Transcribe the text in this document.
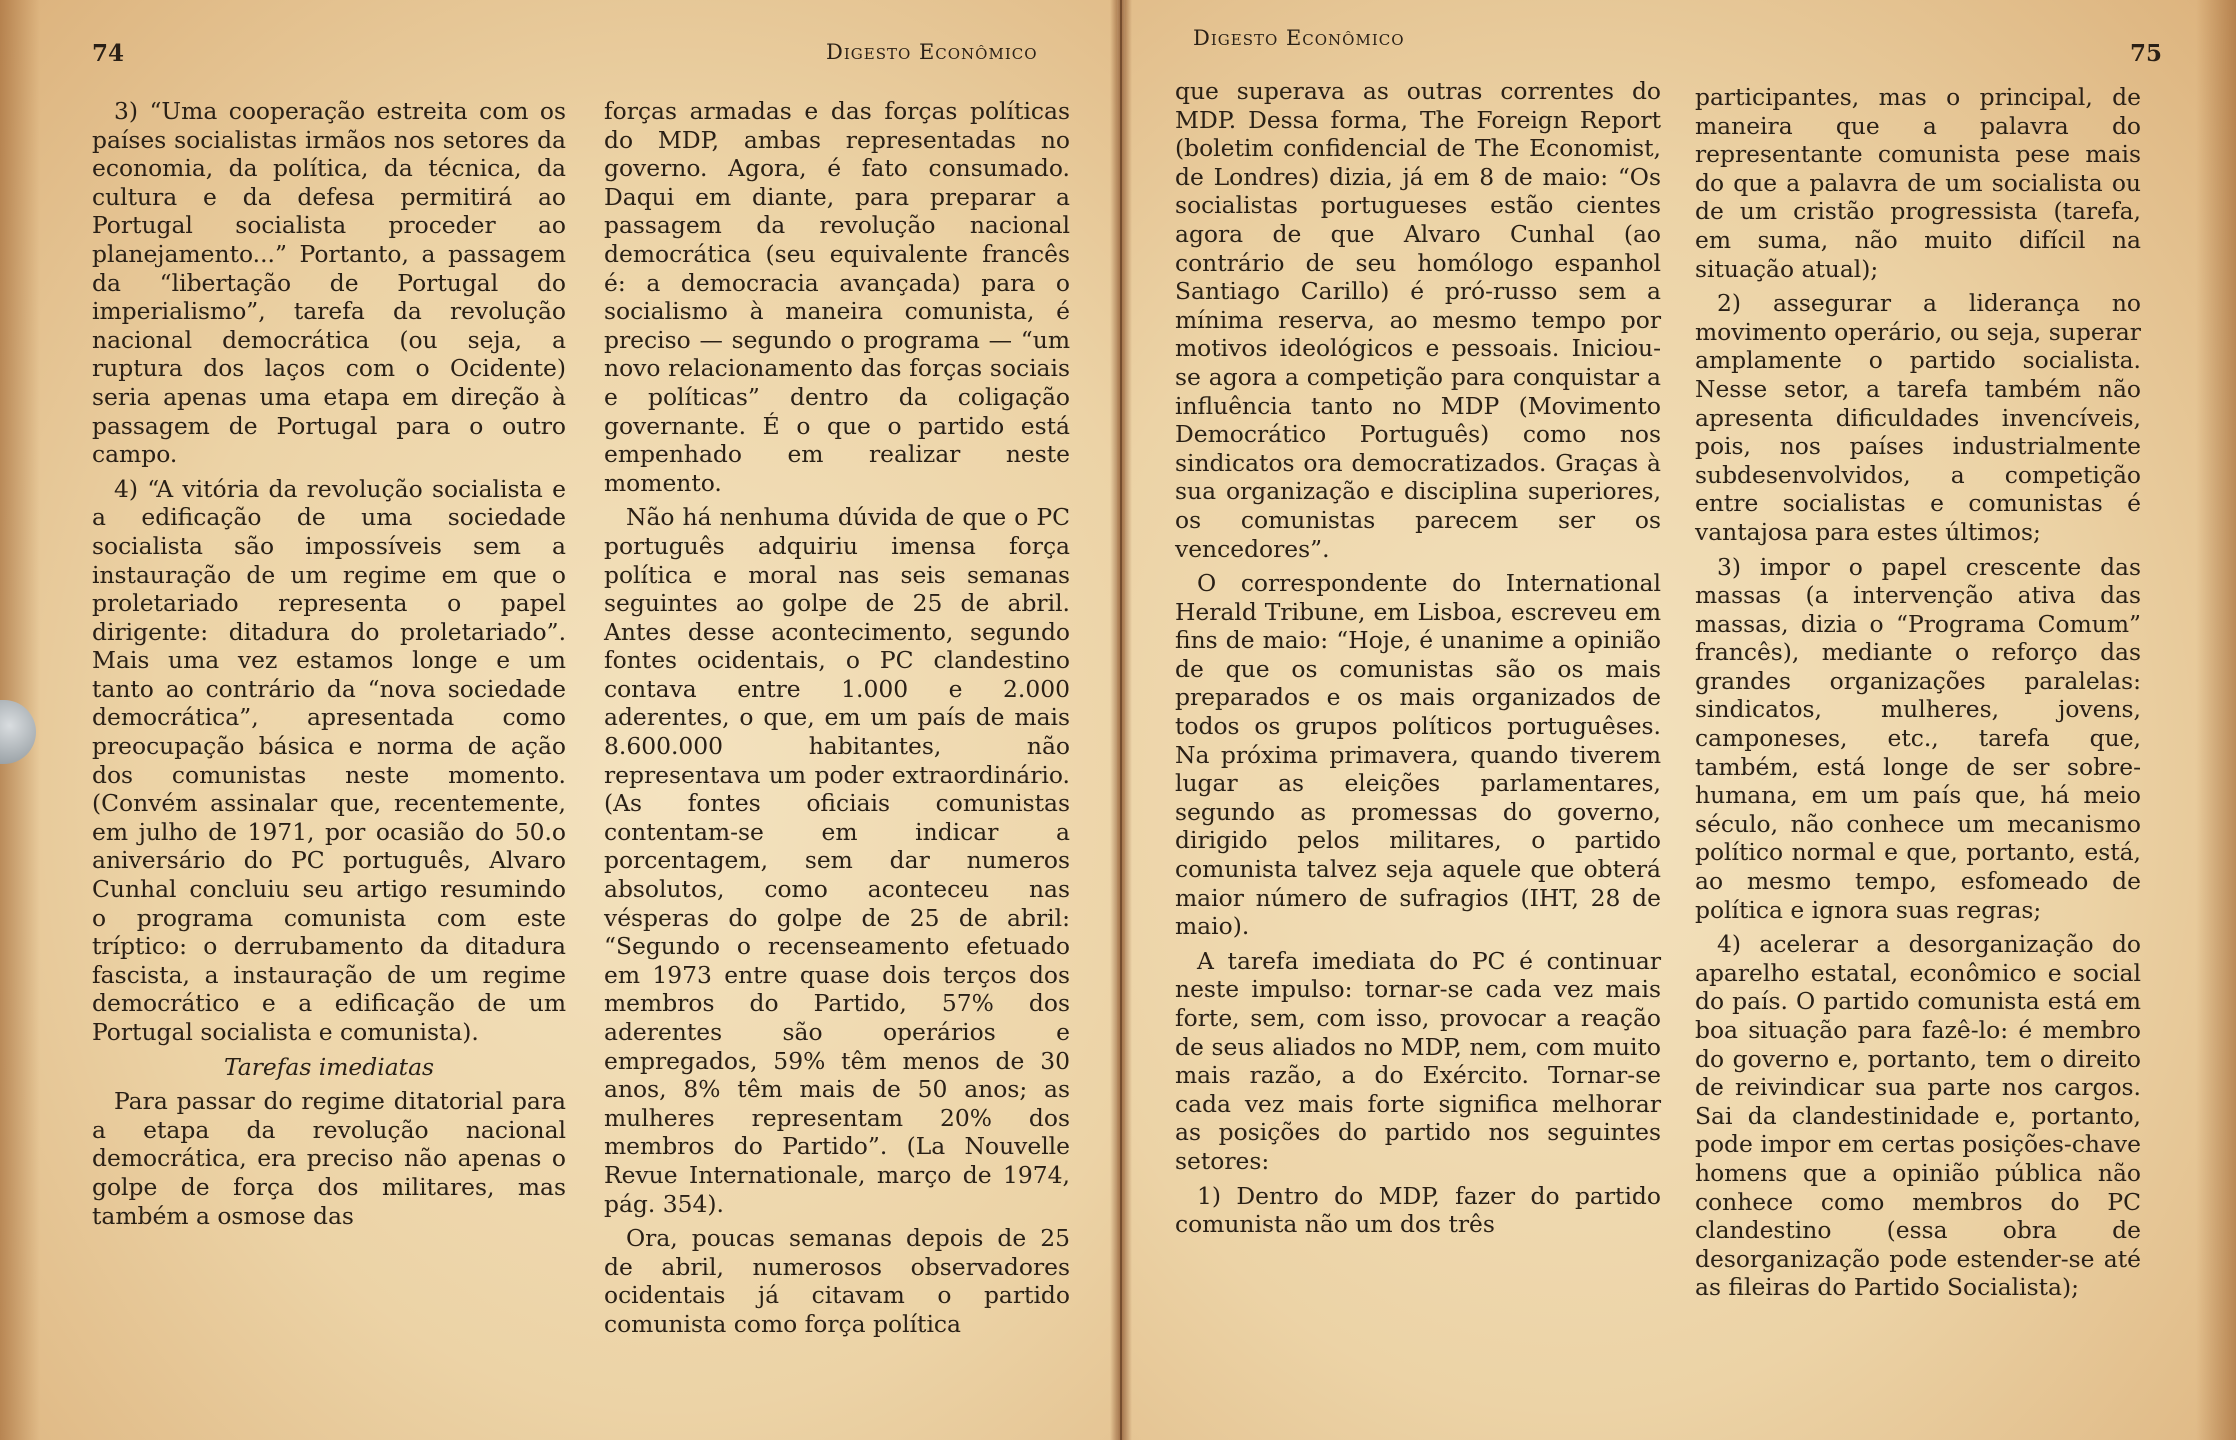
74	Digesto Econômico

3) “Uma cooperação estreita com os países socialistas irmãos nos setores da economia, da política, da técnica, da cultura e da defesa permitirá ao Portugal socialista proceder ao planejamento...” Portanto, a passagem da “libertação de Portugal do imperialismo”, tarefa da revolução nacional democrática (ou seja, a ruptura dos laços com o Ocidente) seria apenas uma etapa em direção à passagem de Portugal para o outro campo.

4) “A vitória da revolução socialista e a edificação de uma sociedade socialista são impossíveis sem a instauração de um regime em que o proletariado representa o papel dirigente: ditadura do proletariado”. Mais uma vez estamos longe e um tanto ao contrário da “nova sociedade democrática”, apresentada como preocupação básica e norma de ação dos comunistas neste momento. (Convém assinalar que, recentemente, em julho de 1971, por ocasião do 50.o aniversário do PC português, Alvaro Cunhal concluiu seu artigo resumindo o programa comunista com este tríptico: o derrubamento da ditadura fascista, a instauração de um regime democrático e a edificação de um Portugal socialista e comunista).

Tarefas imediatas

Para passar do regime ditatorial para a etapa da revolução nacional democrática, era preciso não apenas o golpe de força dos militares, mas também a osmose das

forças armadas e das forças políticas do MDP, ambas representadas no governo. Agora, é fato consumado. Daqui em diante, para preparar a passagem da revolução nacional democrática (seu equivalente francês é: a democracia avançada) para o socialismo à maneira comunista, é preciso — segundo o programa — “um novo relacionamento das forças sociais e políticas” dentro da coligação governante. É o que o partido está empenhado em realizar neste momento.

Não há nenhuma dúvida de que o PC português adquiriu imensa força política e moral nas seis semanas seguintes ao golpe de 25 de abril. Antes desse acontecimento, segundo fontes ocidentais, o PC clandestino contava entre 1.000 e 2.000 aderentes, o que, em um país de mais 8.600.000 habitantes, não representava um poder extraordinário. (As fontes oficiais comunistas contentam-se em indicar a porcentagem, sem dar numeros absolutos, como aconteceu nas vésperas do golpe de 25 de abril: “Segundo o recenseamento efetuado em 1973 entre quase dois terços dos membros do Partido, 57% dos aderentes são operários e empregados, 59% têm menos de 30 anos, 8% têm mais de 50 anos; as mulheres representam 20% dos membros do Partido”. (La Nouvelle Revue Internationale, março de 1974, pág. 354).

Ora, poucas semanas depois de 25 de abril, numerosos observadores ocidentais já citavam o partido comunista como força política

Digesto Econômico
75

que superava as outras correntes do MDP. Dessa forma, The Foreign Report (boletim confidencial de The Economist, de Londres) dizia, já em 8 de maio: “Os socialistas portugueses estão cientes agora de que Alvaro Cunhal (ao contrário de seu homólogo espanhol Santiago Carillo) é pró-russo sem a mínima reserva, ao mesmo tempo por motivos ideológicos e pessoais. Iniciou-se agora a competição para conquistar a influência tanto no MDP (Movimento Democrático Português) como nos sindicatos ora democratizados. Graças à sua organização e disciplina superiores, os comunistas parecem ser os vencedores”.

O correspondente do International Herald Tribune, em Lisboa, escreveu em fins de maio: “Hoje, é unanime a opinião de que os comunistas são os mais preparados e os mais organizados de todos os grupos políticos portuguêses. Na próxima primavera, quando tiverem lugar as eleições parlamentares, segundo as promessas do governo, dirigido pelos militares, o partido comunista talvez seja aquele que obterá maior número de sufragios (IHT, 28 de maio).

A tarefa imediata do PC é continuar neste impulso: tornar-se cada vez mais forte, sem, com isso, provocar a reação de seus aliados no MDP, nem, com muito mais razão, a do Exército. Tornar-se cada vez mais forte significa melhorar as posições do partido nos seguintes setores:

1) Dentro do MDP, fazer do partido comunista não um dos três

participantes, mas o principal, de maneira que a palavra do representante comunista pese mais do que a palavra de um socialista ou de um cristão progressista (tarefa, em suma, não muito difícil na situação atual);

2) assegurar a liderança no movimento operário, ou seja, superar amplamente o partido socialista. Nesse setor, a tarefa também não apresenta dificuldades invencíveis, pois, nos países industrialmente subdesenvolvidos, a competição entre socialistas e comunistas é vantajosa para estes últimos;

3) impor o papel crescente das massas (a intervenção ativa das massas, dizia o “Programa Comum” francês), mediante o reforço das grandes organizações paralelas: sindicatos, mulheres, jovens, camponeses, etc., tarefa que, também, está longe de ser sobre-humana, em um país que, há meio século, não conhece um mecanismo político normal e que, portanto, está, ao mesmo tempo, esfomeado de política e ignora suas regras;

4) acelerar a desorganização do aparelho estatal, econômico e social do país. O partido comunista está em boa situação para fazê-lo: é membro do governo e, portanto, tem o direito de reivindicar sua parte nos cargos. Sai da clandestinidade e, portanto, pode impor em certas posições-chave homens que a opinião pública não conhece como membros do PC clandestino (essa obra de desorganização pode estender-se até as fileiras do Partido Socialista);
